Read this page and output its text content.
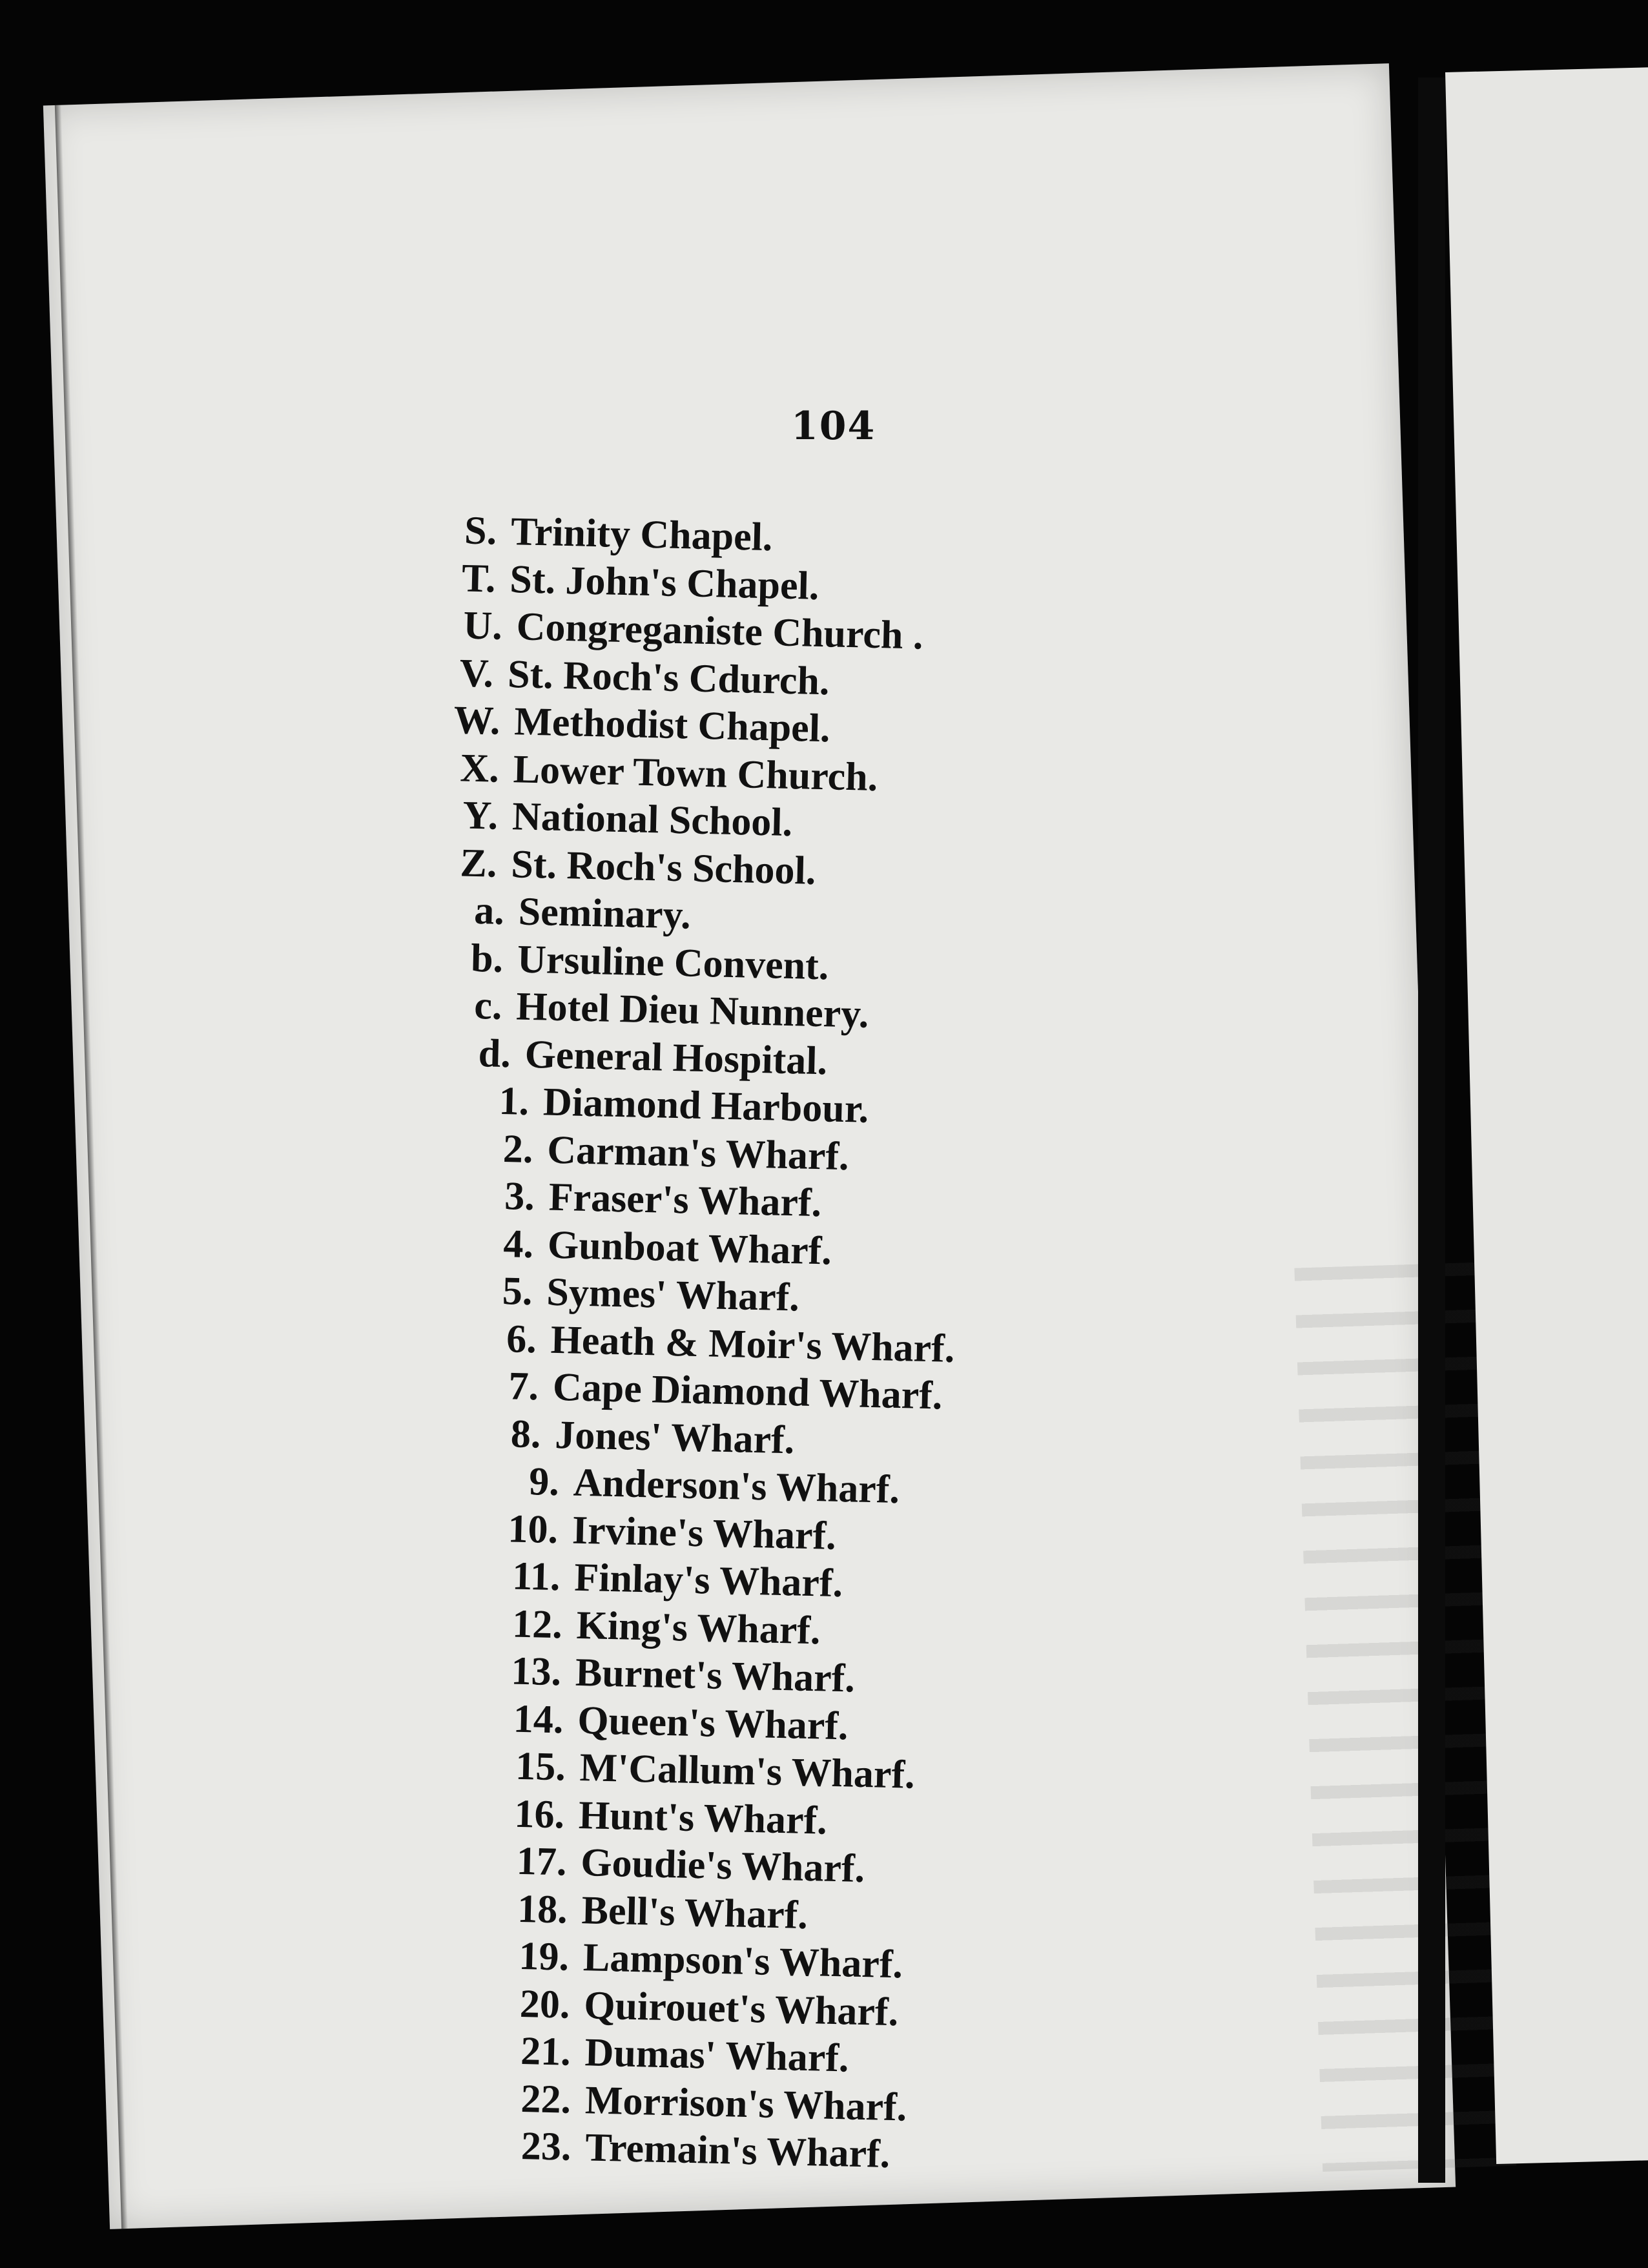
104
S. Trinity Chapel.
T. St. John's Chapel.
U. Congreganiste Church .
V. St. Roch's Cdurch.
W. Methodist Chapel.
X. Lower Town Church.
Y. National School.
Z. St. Roch's School.
a. Seminary.
b. Ursuline Convent.
c. Hotel Dieu Nunnery.
d. General Hospital.
1. Diamond Harbour.
2. Carman's Wharf.
3. Fraser's Wharf.
4. Gunboat Wharf.
5. Symes' Wharf.
6. Heath & Moir's Wharf.
7. Cape Diamond Wharf.
8. Jones' Wharf.
9. Anderson's Wharf.
10. Irvine's Wharf.
11. Finlay's Wharf.
12. King's Wharf.
13. Burnet's Wharf.
14. Queen's Wharf.
15. M'Callum's Wharf.
16. Hunt's Wharf.
17. Goudie's Wharf.
18. Bell's Wharf.
19. Lampson's Wharf.
20. Quirouet's Wharf.
21. Dumas' Wharf.
22. Morrison's Wharf.
23. Tremain's Wharf.
